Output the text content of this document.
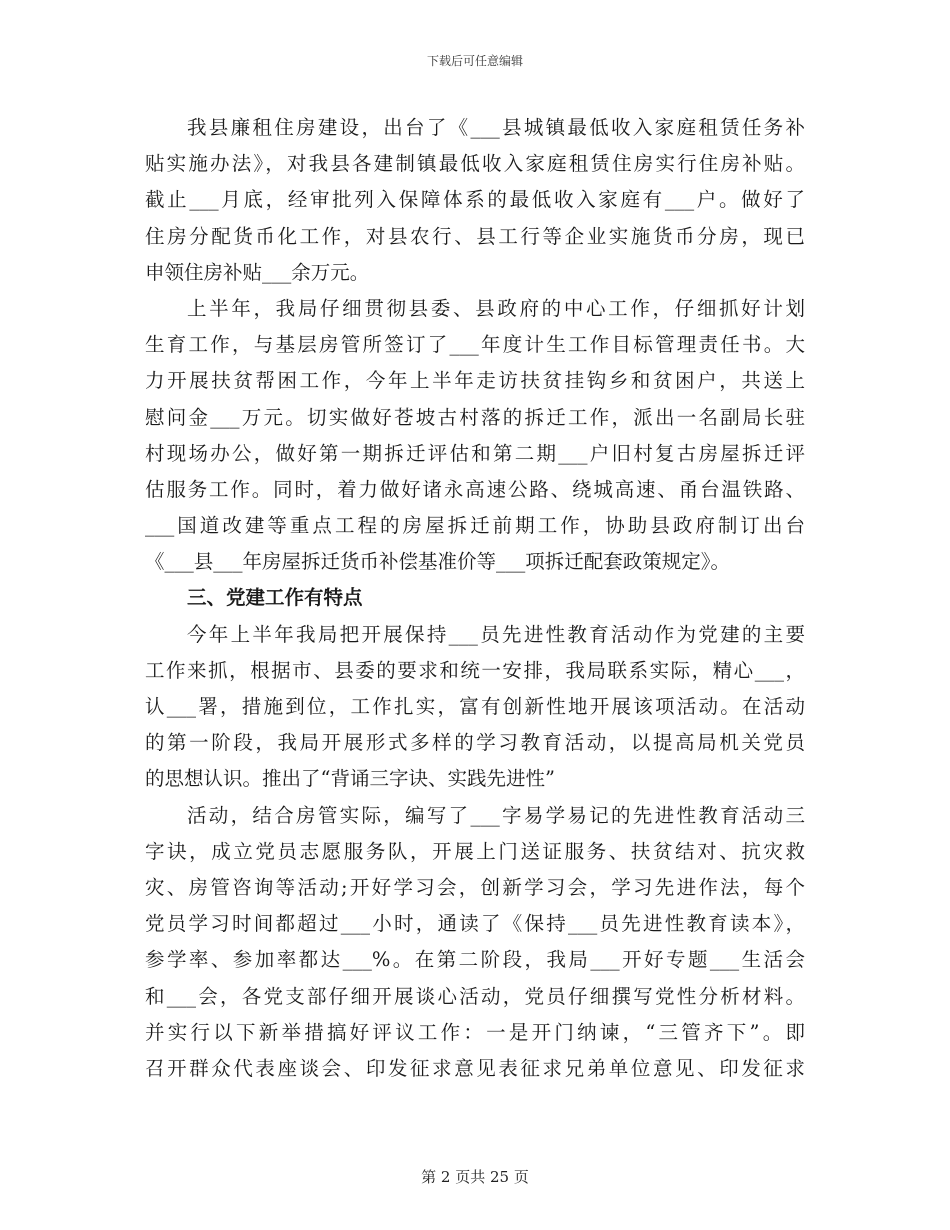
下载后可任意编辑
我县廉租住房建设，出台了《___县城镇最低收入家庭租赁任务补
贴实施办法》，对我县各建制镇最低收入家庭租赁住房实行住房补贴。
截止___月底，经审批列入保障体系的最低收入家庭有___户。做好了
住房分配货币化工作，对县农行、县工行等企业实施货币分房，现已
申领住房补贴___余万元。
上半年，我局仔细贯彻县委、县政府的中心工作，仔细抓好计划
生育工作，与基层房管所签订了___年度计生工作目标管理责任书。大
力开展扶贫帮困工作，今年上半年走访扶贫挂钩乡和贫困户，共送上
慰问金___万元。切实做好苍坡古村落的拆迁工作，派出一名副局长驻
村现场办公，做好第一期拆迁评估和第二期___户旧村复古房屋拆迁评
估服务工作。同时，着力做好诸永高速公路、绕城高速、甬台温铁路、
___国道改建等重点工程的房屋拆迁前期工作，协助县政府制订出台
《___县___年房屋拆迁货币补偿基准价等___项拆迁配套政策规定》。
三、党建工作有特点
今年上半年我局把开展保持___员先进性教育活动作为党建的主要
工作来抓，根据市、县委的要求和统一安排，我局联系实际，精心___，
认___署，措施到位，工作扎实，富有创新性地开展该项活动。在活动
的第一阶段，我局开展形式多样的学习教育活动，以提高局机关党员
的思想认识。推出了“背诵三字诀、实践先进性”
活动，结合房管实际，编写了___字易学易记的先进性教育活动三
字诀，成立党员志愿服务队，开展上门送证服务、扶贫结对、抗灾救
灾、房管咨询等活动;开好学习会，创新学习会，学习先进作法，每个
党员学习时间都超过___小时，通读了《保持___员先进性教育读本》，
参学率、参加率都达___%。在第二阶段，我局___开好专题___生活会
和___会，各党支部仔细开展谈心活动，党员仔细撰写党性分析材料。
并实行以下新举措搞好评议工作：一是开门纳谏，“三管齐下”。即
召开群众代表座谈会、印发征求意见表征求兄弟单位意见、印发征求
第 2 页共 25 页
